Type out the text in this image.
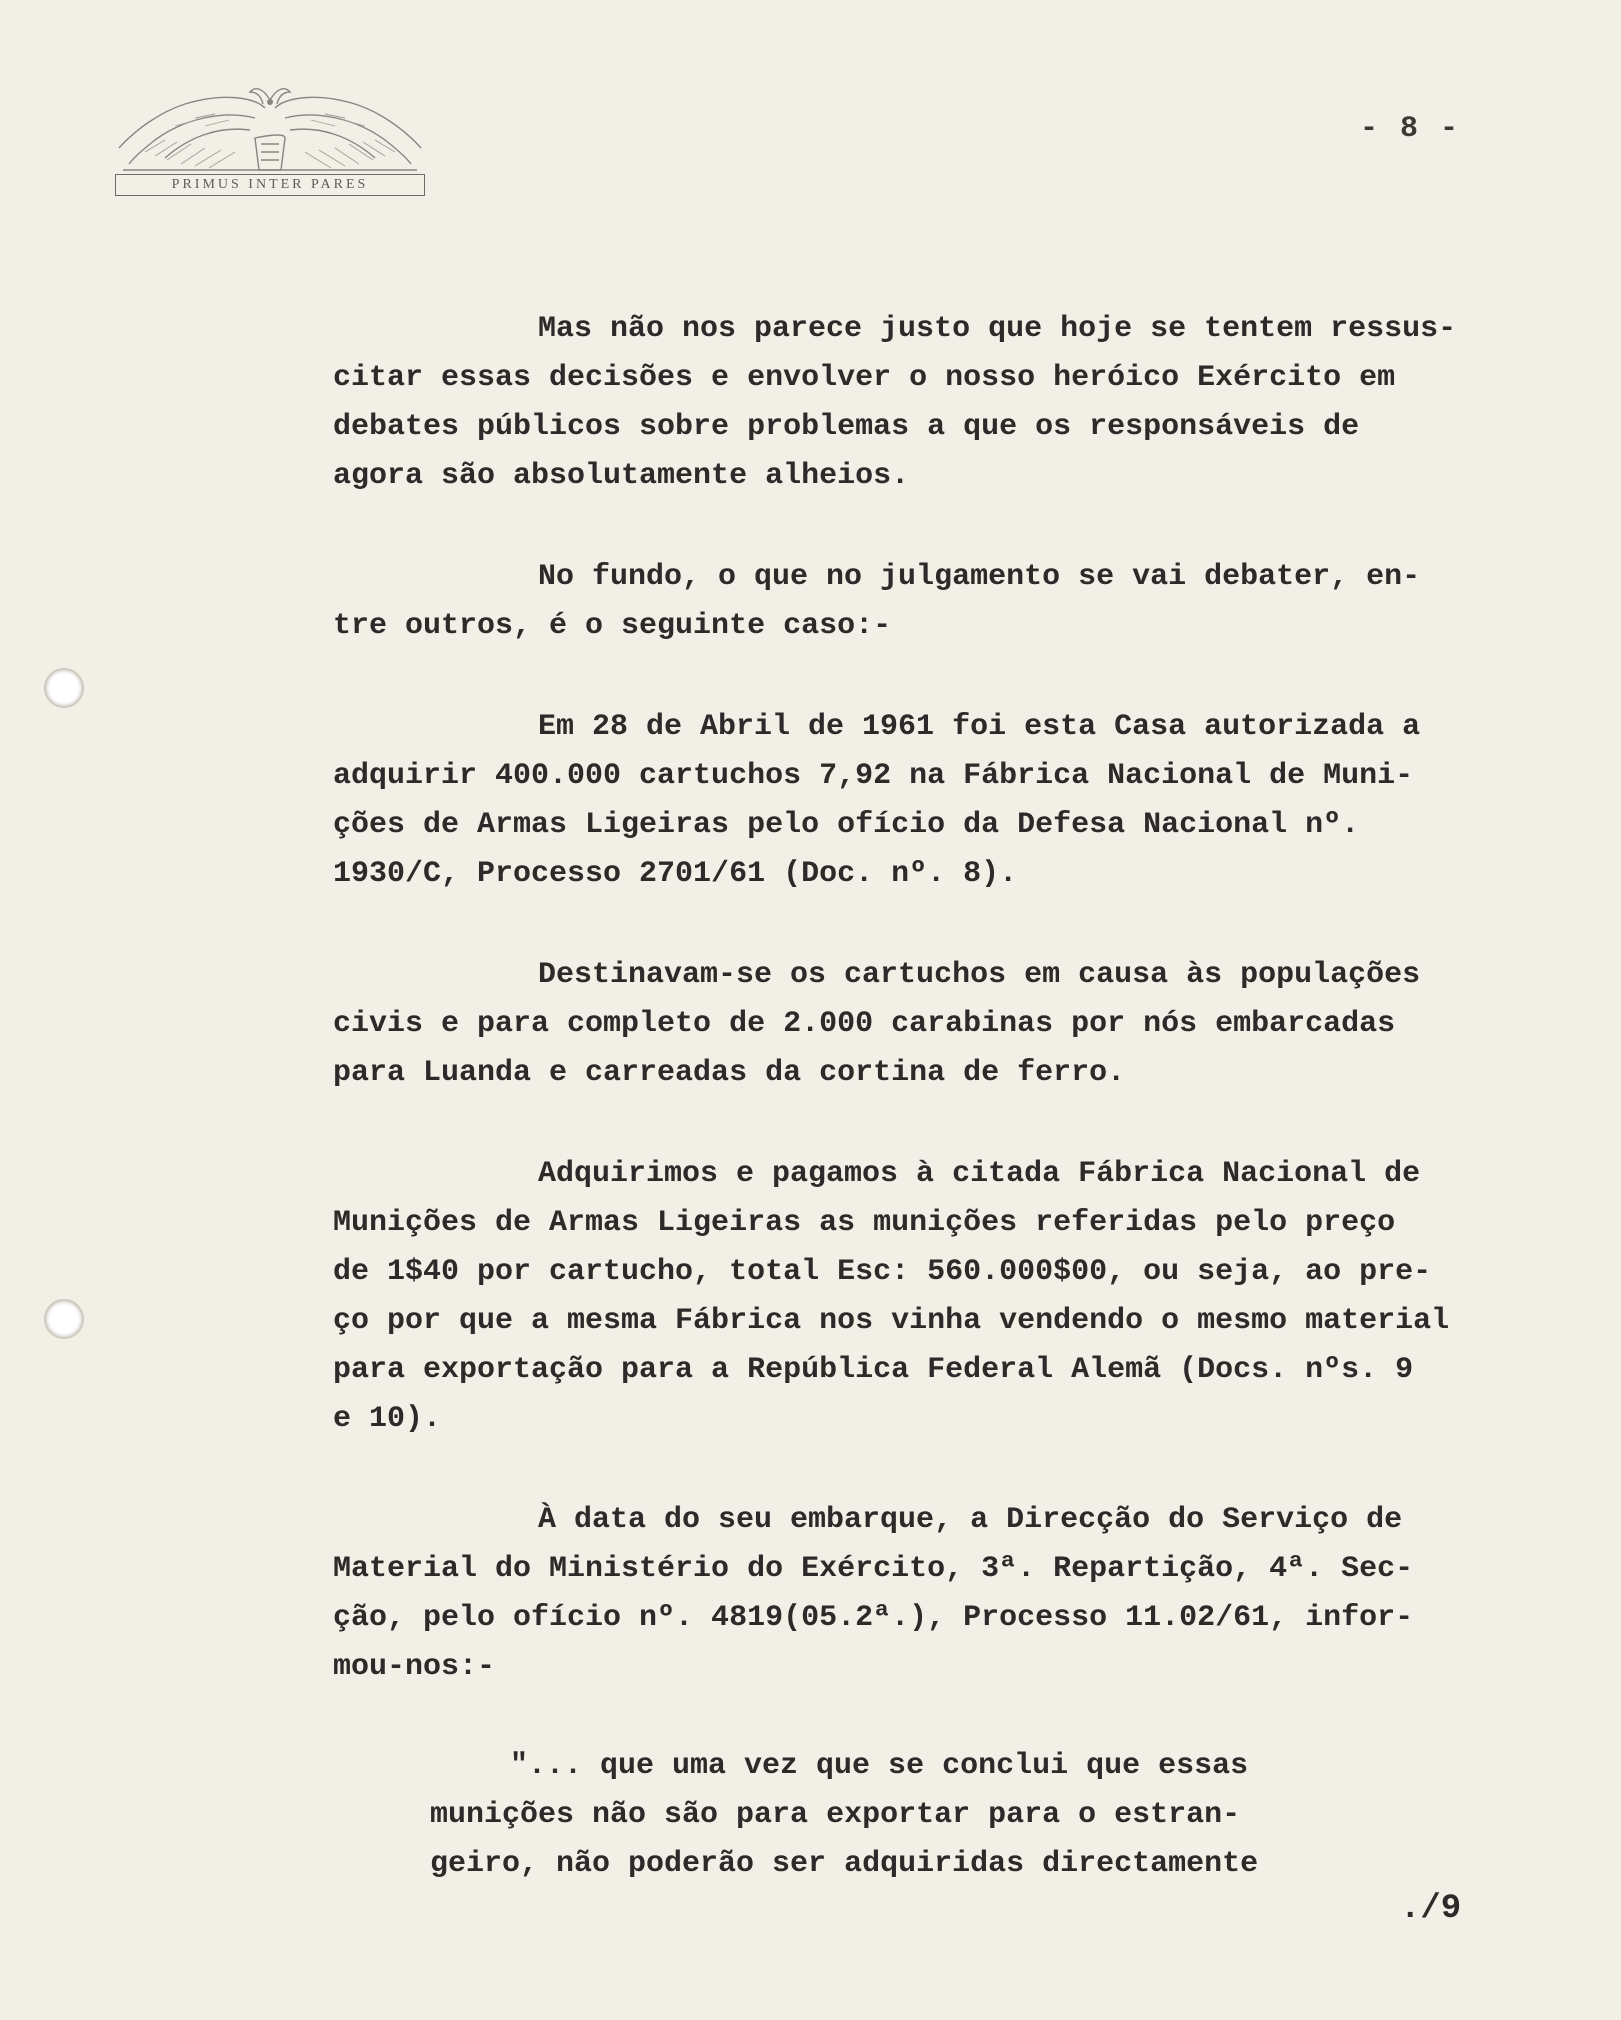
PRIMUS INTER PARES
- 8 -

Mas não nos parece justo que hoje se tentem ressus-
citar essas decisões e envolver o nosso heróico Exército em
debates públicos sobre problemas a que os responsáveis de
agora são absolutamente alheios.

No fundo, o que no julgamento se vai debater, en-
tre outros, é o seguinte caso:-

Em 28 de Abril de 1961 foi esta Casa autorizada a
adquirir 400.000 cartuchos 7,92 na Fábrica Nacional de Muni-
ções de Armas Ligeiras pelo ofício da Defesa Nacional nº.
1930/C, Processo 2701/61 (Doc. nº. 8).

Destinavam-se os cartuchos em causa às populações
civis e para completo de 2.000 carabinas por nós embarcadas
para Luanda e carreadas da cortina de ferro.

Adquirimos e pagamos à citada Fábrica Nacional de
Munições de Armas Ligeiras as munições referidas pelo preço
de 1$40 por cartucho, total Esc: 560.000$00, ou seja, ao pre-
ço por que a mesma Fábrica nos vinha vendendo o mesmo material
para exportação para a República Federal Alemã (Docs. nºs. 9
e 10).

À data do seu embarque, a Direcção do Serviço de
Material do Ministério do Exército, 3ª. Repartição, 4ª. Sec-
ção, pelo ofício nº. 4819(05.2ª.), Processo 11.02/61, infor-
mou-nos:-

"... que uma vez que se conclui que essas
munições não são para exportar para o estran-
geiro, não poderão ser adquiridas directamente

./9
